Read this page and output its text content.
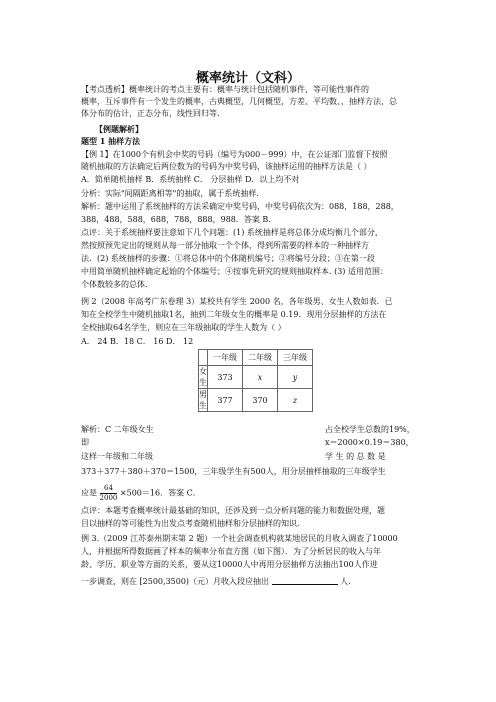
概率统计（文科）
【考点透析】概率统计的考点主要有：概率与统计包括随机事件，等可能性事件的
概率，互斥事件有一个发生的概率，古典概型，几何概型，方差、平均数、，抽样方法，总
体分布的估计，正态分布，线性回归等.
【例题解析】
题型 1 抽样方法
【例 1】在1000个有机会中奖的号码（编号为000－999）中，在公证部门监督下按照
随机抽取的方法确定后两位数为的号码为中奖号码，该抽样运用的抽样方法是（ ）
A．简单随机抽样 B．系统抽样 C． 分层抽样 D．以上均不对
分析：实际"间隔距离相等"的抽取，属于系统抽样.
解析：题中运用了系统抽样的方法采确定中奖号码，中奖号码依次为：088，188，288，
388，488，588，688，788，888，988．答案 B．
点评：关于系统抽样要注意如下几个问题：(1) 系统抽样是将总体分成均衡几个部分，
然按照预先定出的规则从每一部分抽取一个个体，得到所需要的样本的一种抽样方
法．(2) 系统抽样的步骤：①将总体中的个体随机编号；②将编号分段；③在第一段
中用简单随机抽样确定起始的个体编号；④按事先研究的规则抽取样本. (3) 适用范围：
个体数较多的总体.
例 2（2008 年高考广东卷理 3）某校共有学生 2000 名，各年级男、女生人数如表．已
知在全校学生中随机抽取1名，抽到二年级女生的概率是 0.19．现用分层抽样的方法在
全校抽取64名学生，则应在三年级抽取的学生人数为（ ）
A． 24 B．18 C． 16 D． 12
	一年级	二年级	三年级
女生	373	x	y
男生	377	370	z
解析：C 二年级女生
即
这样一年级和二年级
占全校学生总数的19%，
x＝2000×0.19＝380，
学 生 的 总 数 是
373＋377＋380＋370＝1500，三年级学生有500人，用分层抽样抽取的三年级学生
应是 $\frac{64}{2000} \times 500=16$．答案 C．
点评：本题考查概率统计最基础的知识，还涉及到一点分析问题的能力和数据处理，题
目以抽样的等可能性为出发点考查随机抽样和分层抽样的知识.
例 3.（2009 江苏泰州期末第 2 题）一个社会调查机构就某地居民的月收入调查了10000
人，并根据所得数据画了样本的频率分布直方图（如下图）．为了分析居民的收入与年
龄、学历、职业等方面的关系，要从这10000人中再用分层抽样方法抽出100人作进
一步调查，则在 [2500,3500)（元）月收入段应抽出	人.
